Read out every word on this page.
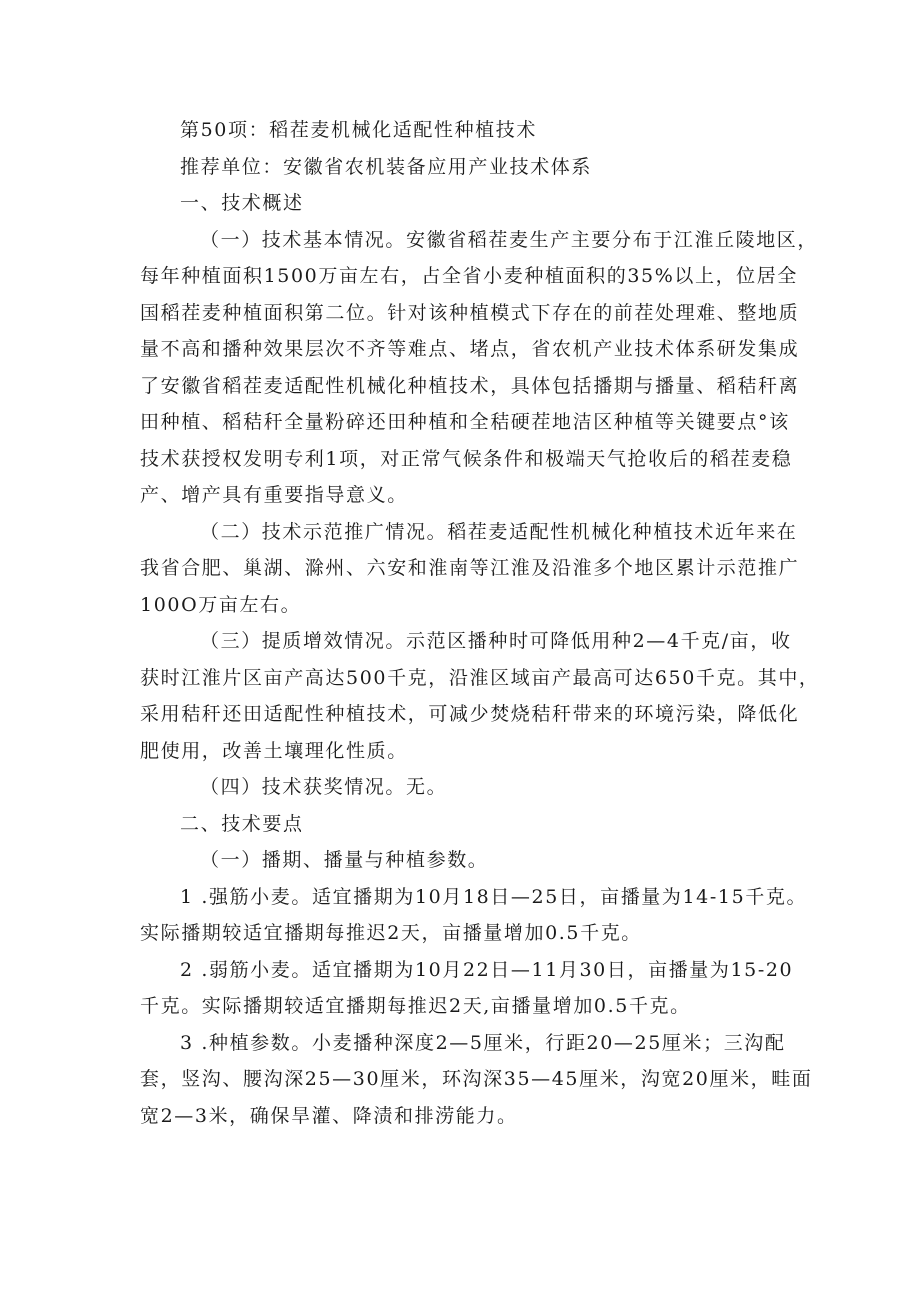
第50项：稻茬麦机械化适配性种植技术
推荐单位：安徽省农机装备应用产业技术体系
一、技术概述
（一）技术基本情况。安徽省稻茬麦生产主要分布于江淮丘陵地区，
每年种植面积1500万亩左右，占全省小麦种植面积的35%以上，位居全
国稻茬麦种植面积第二位。针对该种植模式下存在的前茬处理难、整地质
量不高和播种效果层次不齐等难点、堵点，省农机产业技术体系研发集成
了安徽省稻茬麦适配性机械化种植技术，具体包括播期与播量、稻秸秆离
田种植、稻秸秆全量粉碎还田种植和全秸硬茬地洁区种植等关键要点°该
技术获授权发明专利1项，对正常气候条件和极端天气抢收后的稻茬麦稳
产、增产具有重要指导意义。
（二）技术示范推广情况。稻茬麦适配性机械化种植技术近年来在
我省合肥、巢湖、滁州、六安和淮南等江淮及沿淮多个地区累计示范推广
100O万亩左右。
（三）提质增效情况。示范区播种时可降低用种2—4千克/亩，收
获时江淮片区亩产高达500千克，沿淮区域亩产最高可达650千克。其中，
采用秸秆还田适配性种植技术，可减少焚烧秸秆带来的环境污染，降低化
肥使用，改善土壤理化性质。
（四）技术获奖情况。无。
二、技术要点
（一）播期、播量与种植参数。
1 .强筋小麦。适宜播期为10月18日—25日，亩播量为14-15千克。
实际播期较适宜播期每推迟2天，亩播量增加0.5千克。
2 .弱筋小麦。适宜播期为10月22日—11月30日，亩播量为15-20
千克。实际播期较适宜播期每推迟2天,亩播量增加0.5千克。
3 .种植参数。小麦播种深度2—5厘米，行距20—25厘米；三沟配
套，竖沟、腰沟深25—30厘米，环沟深35—45厘米，沟宽20厘米，畦面
宽2—3米，确保旱灌、降渍和排涝能力。
